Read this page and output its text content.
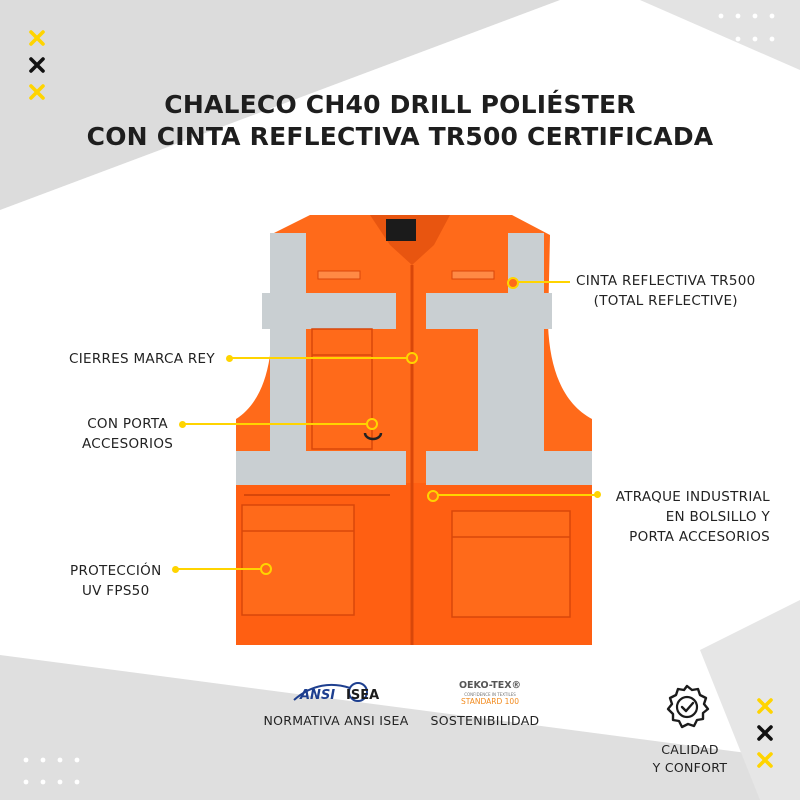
CHALECO CH40 DRILL POLIÉSTER
CON CINTA REFLECTIVA TR500 CERTIFICADA
CINTA REFLECTIVA TR500
(TOTAL REFLECTIVE)
CIERRES MARCA REY
CON PORTA
ACCESORIOS
ATRAQUE INDUSTRIAL
EN BOLSILLO Y
PORTA ACCESORIOS
PROTECCIÓN
UV FPS50
ANSI ISEA
NORMATIVA ANSI ISEA
OEKO-TEX®
CONFIDENCE IN TEXTILES
STANDARD 100
SOSTENIBILIDAD
CALIDAD
Y CONFORT
